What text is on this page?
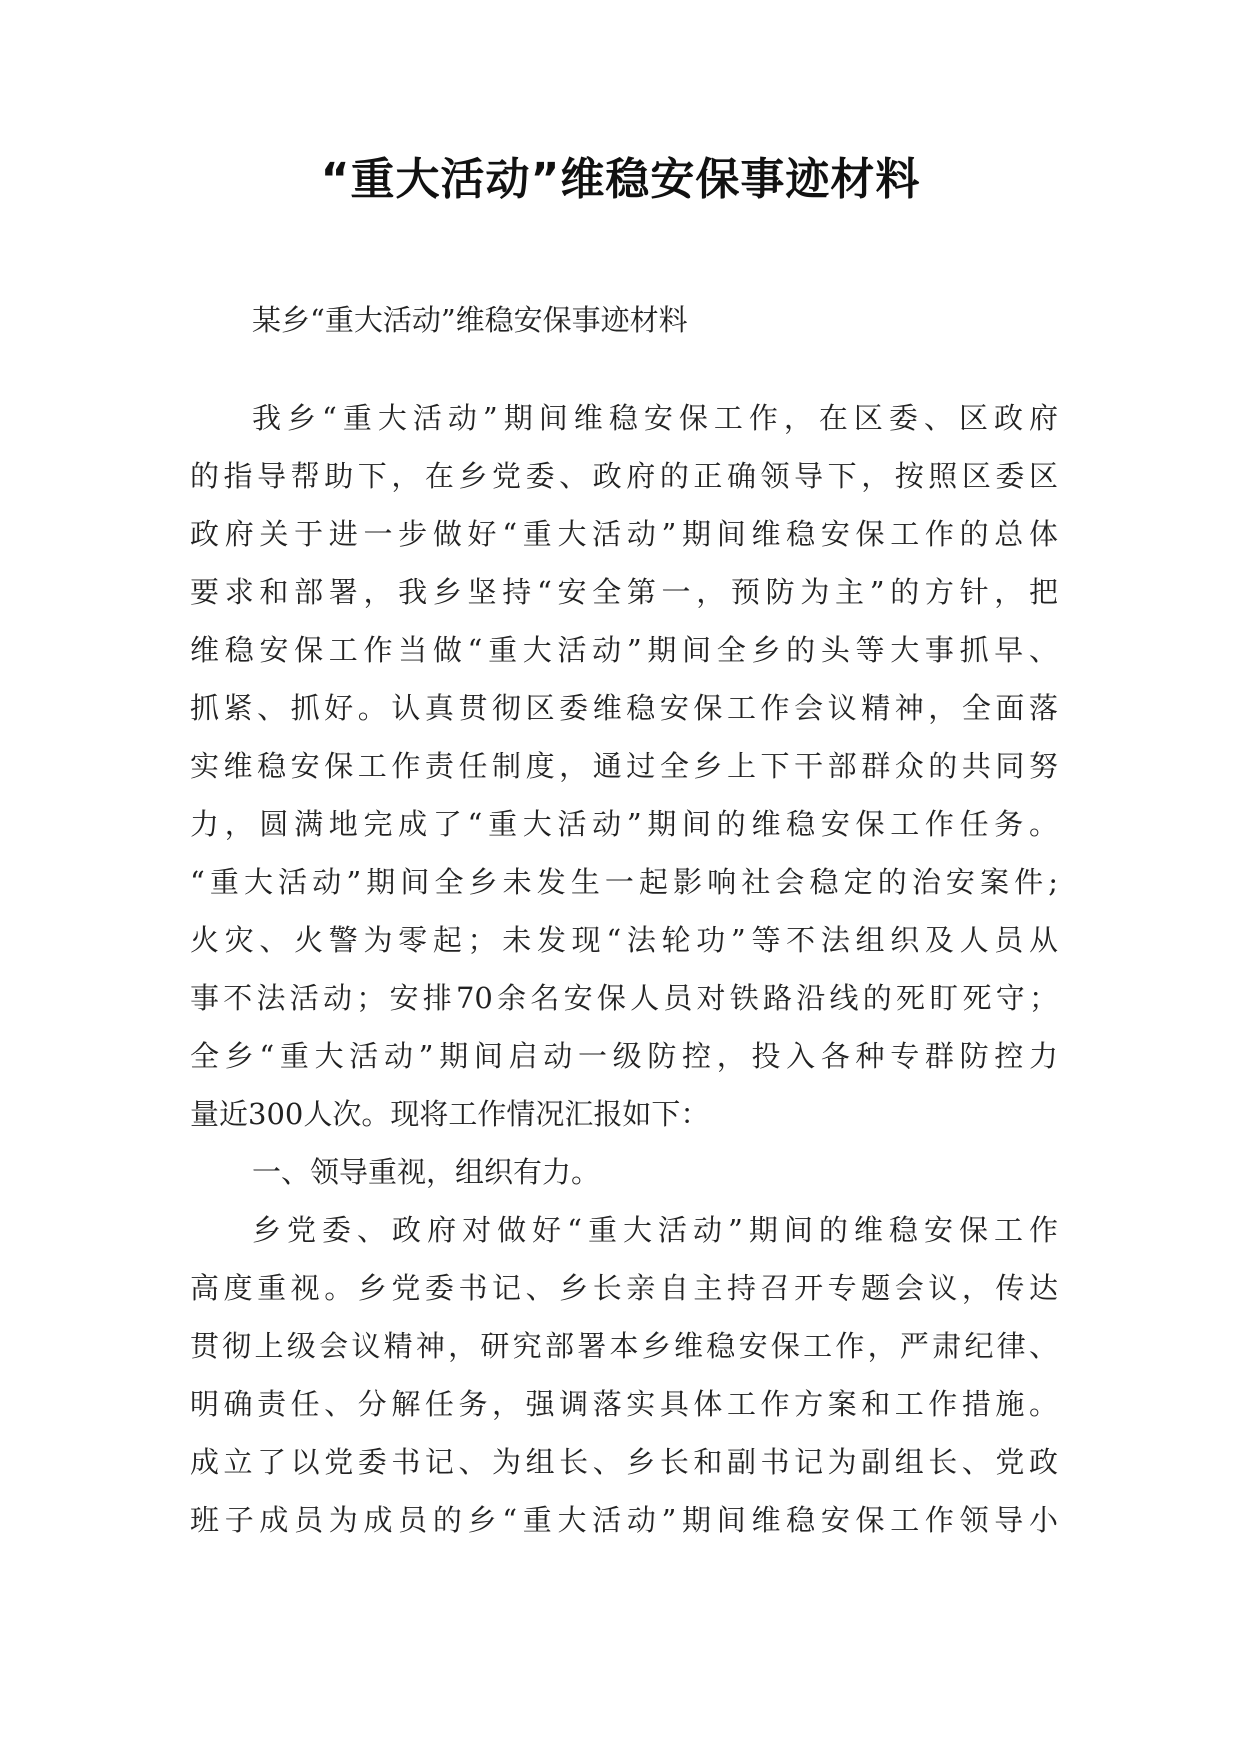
“重大活动”维稳安保事迹材料
某乡“重大活动”维稳安保事迹材料
我乡“重大活动”期间维稳安保工作，在区委、区政府
的指导帮助下，在乡党委、政府的正确领导下，按照区委区
政府关于进一步做好“重大活动”期间维稳安保工作的总体
要求和部署，我乡坚持“安全第一，预防为主”的方针，把
维稳安保工作当做“重大活动”期间全乡的头等大事抓早、
抓紧、抓好。认真贯彻区委维稳安保工作会议精神，全面落
实维稳安保工作责任制度，通过全乡上下干部群众的共同努
力，圆满地完成了“重大活动”期间的维稳安保工作任务。
“重大活动”期间全乡未发生一起影响社会稳定的治安案件;
火灾、火警为零起；未发现“法轮功”等不法组织及人员从
事不法活动；安排70余名安保人员对铁路沿线的死盯死守；
全乡“重大活动”期间启动一级防控，投入各种专群防控力
量近300人次。现将工作情况汇报如下：
一、领导重视，组织有力。
乡党委、政府对做好“重大活动”期间的维稳安保工作
高度重视。乡党委书记、乡长亲自主持召开专题会议，传达
贯彻上级会议精神，研究部署本乡维稳安保工作，严肃纪律、
明确责任、分解任务，强调落实具体工作方案和工作措施。
成立了以党委书记、为组长、乡长和副书记为副组长、党政
班子成员为成员的乡“重大活动”期间维稳安保工作领导小
